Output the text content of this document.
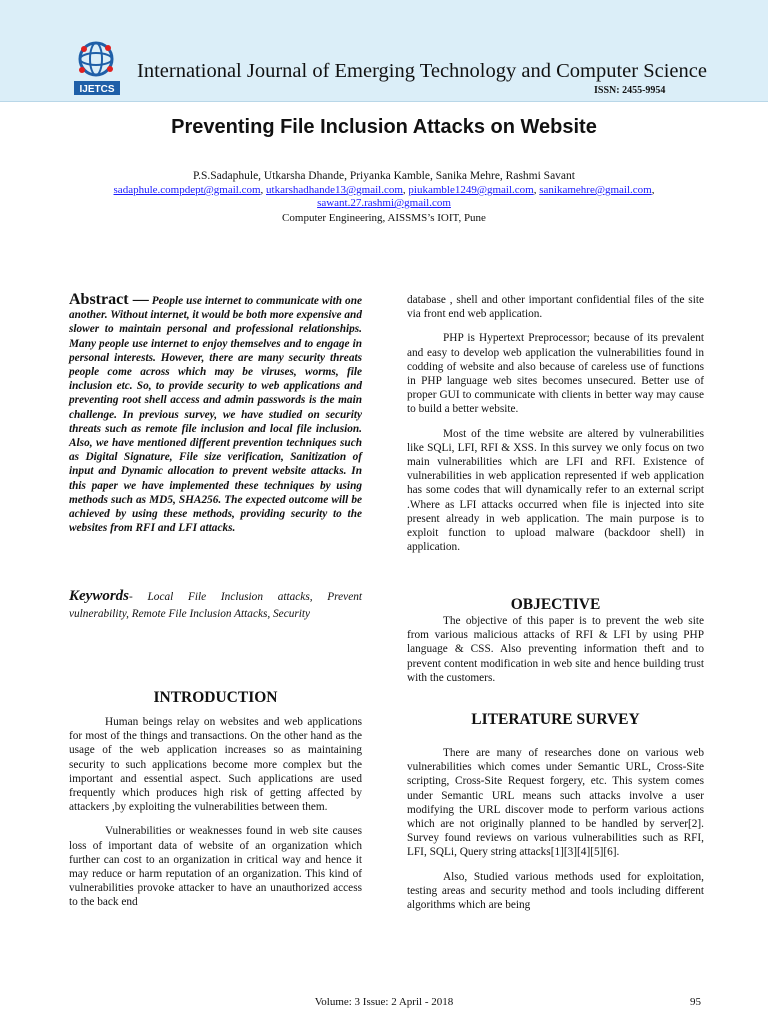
IJETCS
International Journal of Emerging Technology and Computer Science
ISSN: 2455-9954
Preventing File Inclusion Attacks on Website
P.S.Sadaphule, Utkarsha Dhande, Priyanka Kamble, Sanika Mehre, Rashmi Savant
sadaphule.compdept@gmail.com, utkarshadhande13@gmail.com, piukamble1249@gmail.com, sanikamehre@gmail.com,
sawant.27.rashmi@gmail.com
Computer Engineering, AISSMS’s IOIT, Pune
Abstract — People use internet to communicate with one another. Without internet, it would be both more expensive and slower to maintain personal and professional relationships. Many people use internet to enjoy themselves and to engage in personal interests. However, there are many security threats people come across which may be viruses, worms, file inclusion etc. So, to provide security to web applications and preventing root shell access and admin passwords is the main challenge. In previous survey, we have studied on security threats such as remote file inclusion and local file inclusion. Also, we have mentioned different prevention techniques such as Digital Signature, File size verification, Sanitization of input and Dynamic allocation to prevent website attacks. In this paper we have implemented these techniques by using methods such as MD5, SHA256. The expected outcome will be achieved by using these methods, providing security to the websites from RFI and LFI attacks.
Keywords- Local File Inclusion attacks, Prevent vulnerability, Remote File Inclusion Attacks, Security
INTRODUCTION

Human beings relay on websites and web applications for most of the things and transactions. On the other hand as the usage of the web application increases so as maintaining security to such applications become more complex but the important and essential aspect. Such applications are used frequently which produces high risk of getting affected by attackers ,by exploiting the vulnerabilities between them.

Vulnerabilities or weaknesses found in web site causes loss of important data of website of an organization which further can cost to an organization in critical way and hence it may reduce or harm reputation of an organization. This kind of vulnerabilities provoke attacker to have an unauthorized access to the back end

database , shell and other important confidential files of the site via front end web application.

PHP is Hypertext Preprocessor; because of its prevalent and easy to develop web application the vulnerabilities found in codding of website and also because of careless use of functions in PHP language web sites becomes unsecured. Better use of proper GUI to communicate with clients in better way may cause to build a better website.

Most of the time website are altered by vulnerabilities like SQLi, LFI, RFI & XSS. In this survey we only focus on two main vulnerabilities which are LFI and RFI. Existence of vulnerabilities in web application represented if web application has some codes that will dynamically refer to an external script .Where as LFI attacks occurred when file is injected into site present already in web application. The main purpose is to exploit function to upload malware (backdoor shell) in application.

OBJECTIVE

The objective of this paper is to prevent the web site from various malicious attacks of RFI & LFI by using PHP language & CSS. Also preventing information theft and to prevent content modification in web site and hence building trust with the customers.

LITERATURE SURVEY

There are many of researches done on various web vulnerabilities which comes under Semantic URL, Cross-Site scripting, Cross-Site Request forgery, etc. This system comes under Semantic URL means such attacks involve a user modifying the URL discover mode to perform various actions which are not originally planned to be handled by server[2]. Survey found reviews on various vulnerabilities such as RFI, LFI, SQLi, Query string attacks[1][3][4][5][6].

Also, Studied various methods used for exploitation, testing areas and security method and tools including different algorithms which are being

Volume: 3 Issue: 2 April - 2018	95
